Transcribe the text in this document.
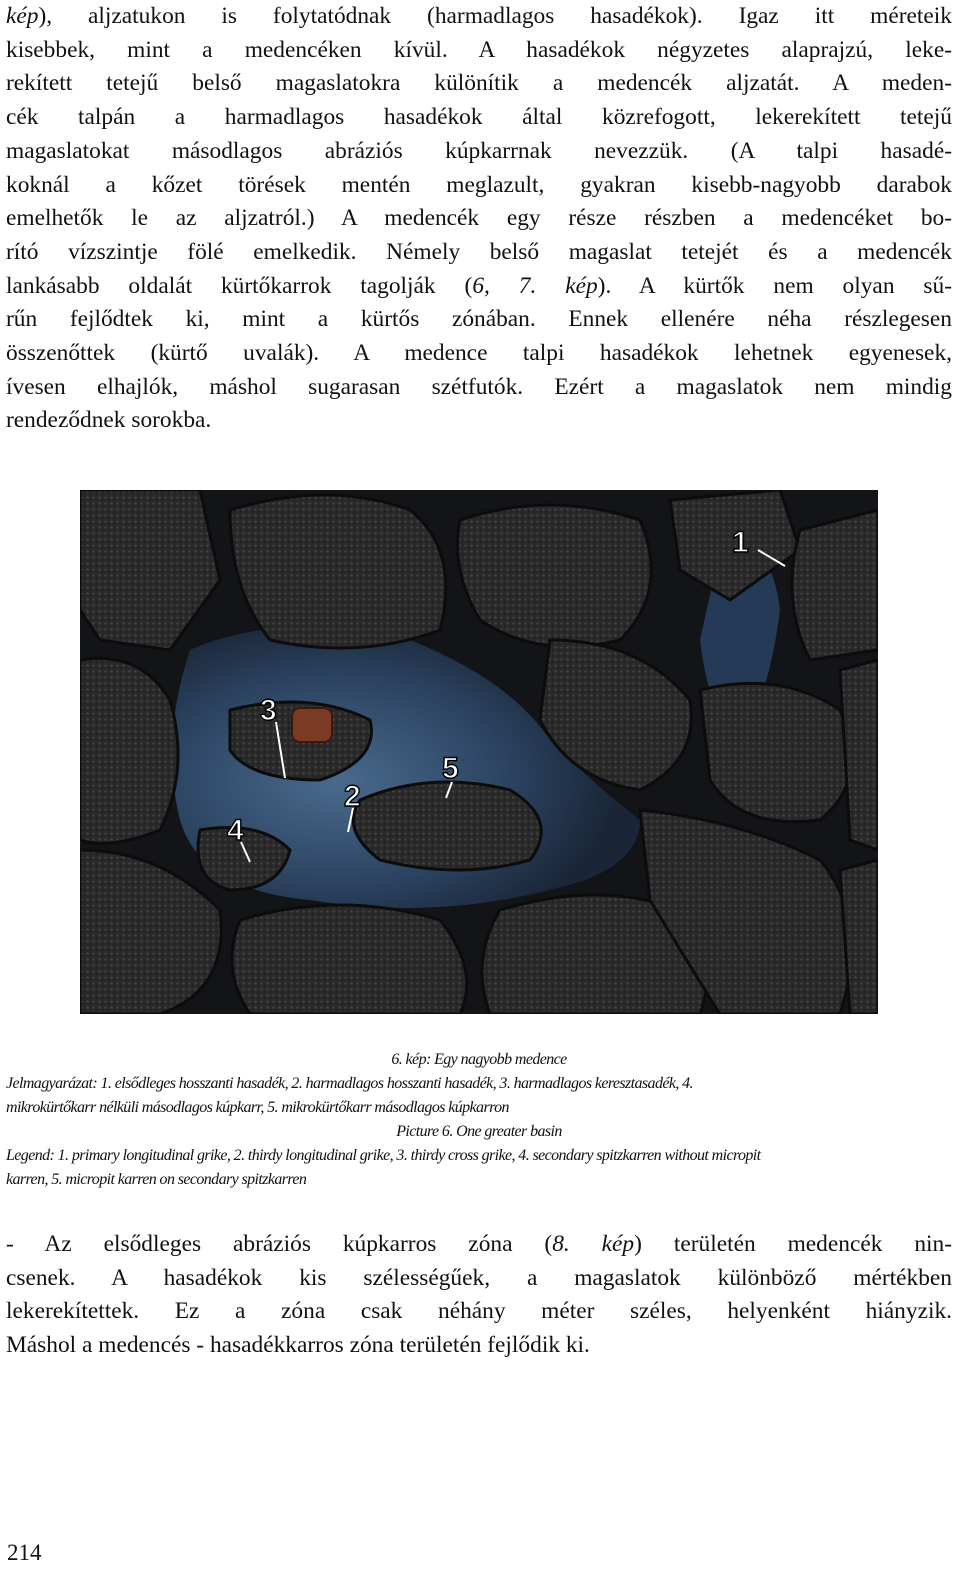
kép), aljzatukon is folytatódnak (harmadlagos hasadékok). Igaz itt méreteik
kisebbek, mint a medencéken kívül. A hasadékok négyzetes alaprajzú, leke-
rekített tetejű belső magaslatokra különítik a medencék aljzatát. A meden-
cék talpán a harmadlagos hasadékok által közrefogott, lekerekített tetejű
magaslatokat másodlagos abráziós kúpkarrnak nevezzük. (A talpi hasadé-
koknál a kőzet törések mentén meglazult, gyakran kisebb-nagyobb darabok
emelhetők le az aljzatról.) A medencék egy része részben a medencéket bo-
rító vízszintje fölé emelkedik. Némely belső magaslat tetejét és a medencék
lankásabb oldalát kürtőkarrok tagolják (6, 7. kép). A kürtők nem olyan sű-
rűn fejlődtek ki, mint a kürtős zónában. Ennek ellenére néha részlegesen
összenőttek (kürtő uvalák). A medence talpi hasadékok lehetnek egyenesek,
ívesen elhajlók, máshol sugarasan szétfutók. Ezért a magaslatok nem mindig
rendeződnek sorokba.
1
2
3
4
5
6. kép: Egy nagyobb medence
Jelmagyarázat: 1. elsődleges hosszanti hasadék, 2. harmadlagos hosszanti hasadék, 3. harmadlagos keresztasadék, 4.
mikrokürtőkarr nélküli másodlagos kúpkarr, 5. mikrokürtőkarr másodlagos kúpkarron
Picture 6. One greater basin
Legend: 1. primary longitudinal grike, 2. thirdy longitudinal grike, 3. thirdy cross grike, 4. secondary spitzkarren without micropit
karren, 5. micropit karren on secondary spitzkarren
- Az elsődleges abráziós kúpkarros zóna (8. kép) területén medencék nin-
csenek. A hasadékok kis szélességűek, a magaslatok különböző mértékben
lekerekítettek. Ez a zóna csak néhány méter széles, helyenként hiányzik.
Máshol a medencés - hasadékkarros zóna területén fejlődik ki.
214
